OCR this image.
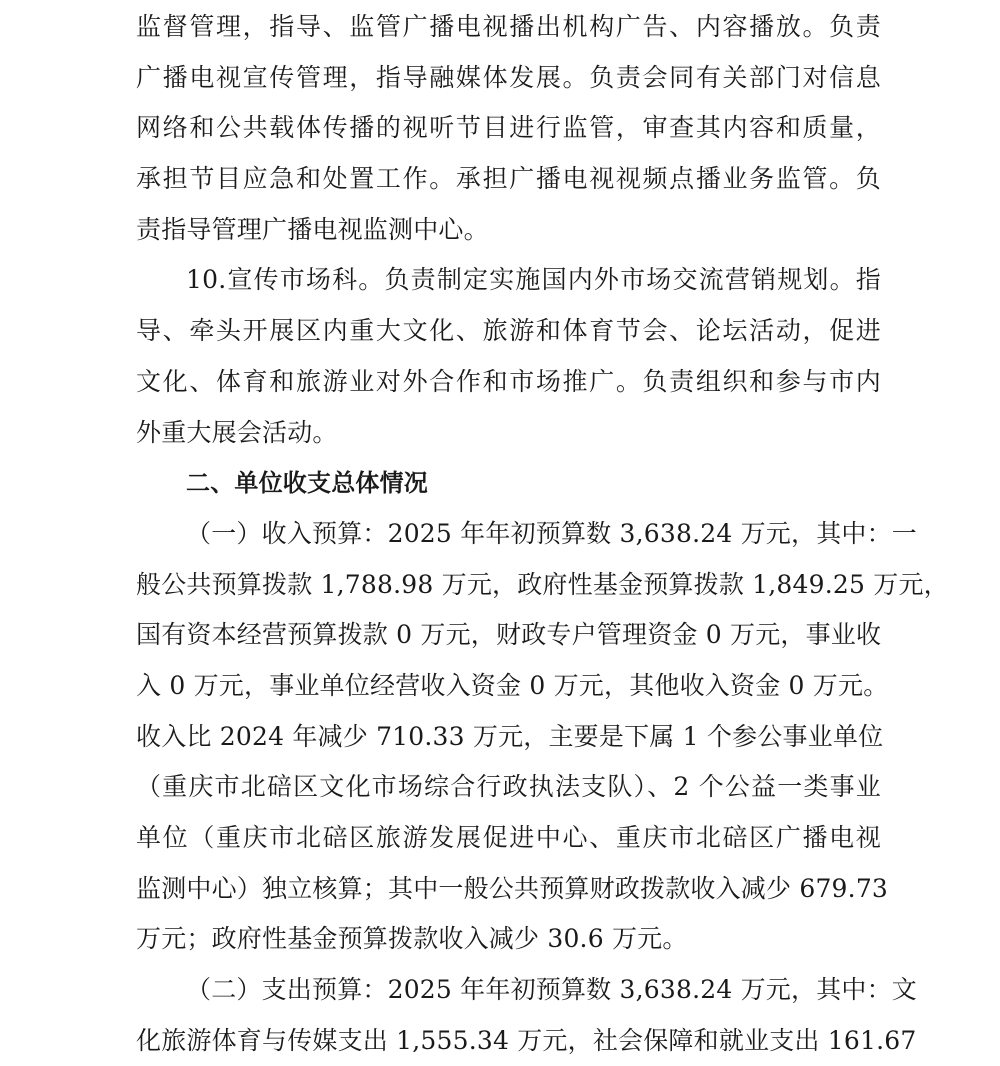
监督管理，指导、监管广播电视播出机构广告、内容播放。负责
广播电视宣传管理，指导融媒体发展。负责会同有关部门对信息
网络和公共载体传播的视听节目进行监管，审查其内容和质量，
承担节目应急和处置工作。承担广播电视视频点播业务监管。负
责指导管理广播电视监测中心。
10.宣传市场科。负责制定实施国内外市场交流营销规划。指
导、牵头开展区内重大文化、旅游和体育节会、论坛活动，促进
文化、体育和旅游业对外合作和市场推广。负责组织和参与市内
外重大展会活动。
二、单位收支总体情况
（一）收入预算：2025 年年初预算数 3,638.24 万元，其中：一
般公共预算拨款 1,788.98 万元，政府性基金预算拨款 1,849.25 万元，
国有资本经营预算拨款 0 万元，财政专户管理资金 0 万元，事业收
入 0 万元，事业单位经营收入资金 0 万元，其他收入资金 0 万元。
收入比 2024 年减少 710.33 万元，主要是下属 1 个参公事业单位
（重庆市北碚区文化市场综合行政执法支队）、2 个公益一类事业
单位（重庆市北碚区旅游发展促进中心、重庆市北碚区广播电视
监测中心）独立核算；其中一般公共预算财政拨款收入减少 679.73
万元；政府性基金预算拨款收入减少 30.6 万元。
（二）支出预算：2025 年年初预算数 3,638.24 万元，其中：文
化旅游体育与传媒支出 1,555.34 万元，社会保障和就业支出 161.67
